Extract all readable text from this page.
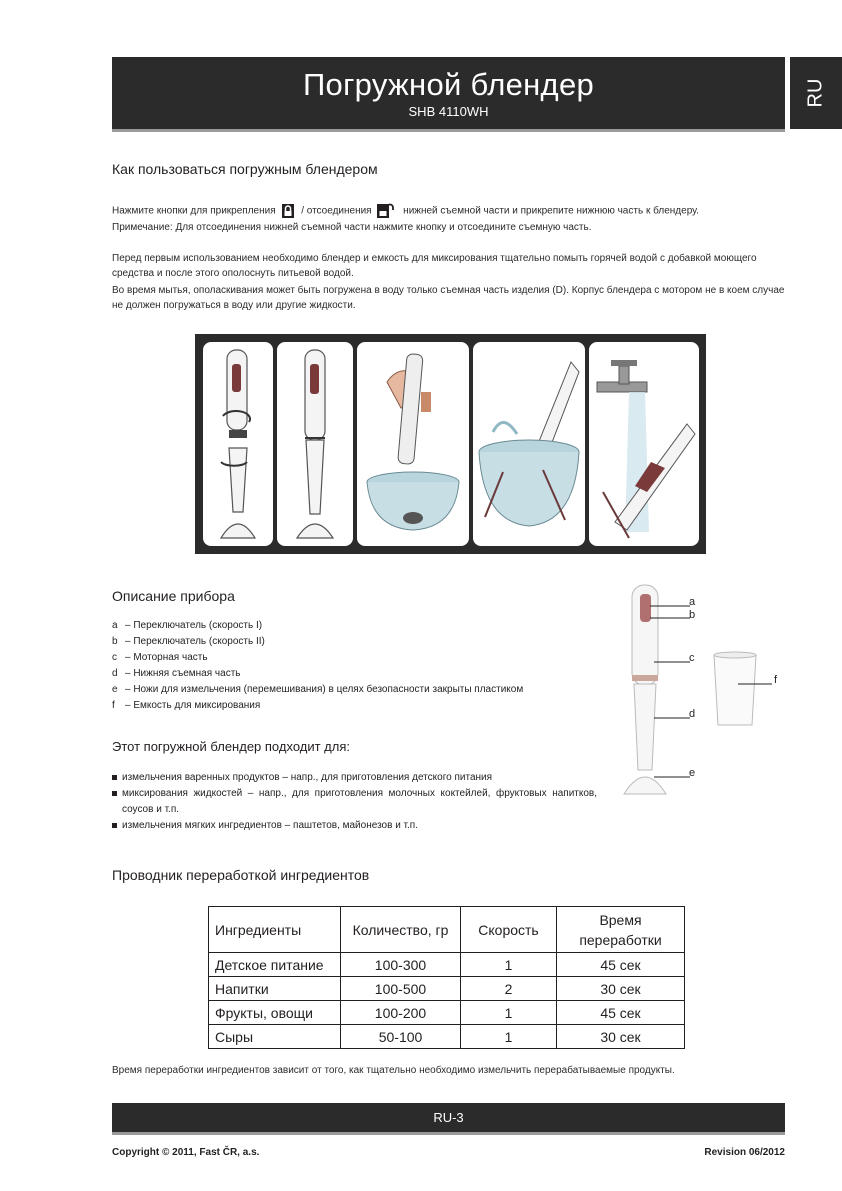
Погружной блендер
SHB 4110WH
RU
Как пользоваться погружным блендером
Нажмите кнопки для прикрепления	/ отсоединения	нижней съемной части и прикрепите нижнюю часть к блендеру.
Примечание: Для отсоединения нижней съемной части нажмите кнопку и отсоедините съемную часть.
Перед первым использованием необходимо блендер и емкость для миксирования тщательно помыть горячей водой с добавкой моющего средства и после этого ополоснуть питьевой водой.
Во время мытья, ополаскивания может быть погружена в воду только съемная часть изделия (D). Корпус блендера с мотором не в коем случае не должен погружаться в воду или другие жидкости.
Описание прибора
a – Переключатель (скорость I)
b – Переключатель (скорость II)
c – Моторная часть
d – Нижняя съемная часть
e – Ножи для измельчения (перемешивания) в целях безопасности закрыты пластиком
f – Емкость для миксирования
a
b
c
d
e
f
Этот погружной блендер подходит для:
измельчения варенных продуктов – напр., для приготовления детского питания
миксирования жидкостей – напр., для приготовления молочных коктейлей, фруктовых напитков, соусов и т.п.
измельчения мягких ингредиентов – паштетов, майонезов и т.п.
Проводник переработкой ингредиентов
Ингредиенты	Количество, гр	Скорость	Время переработки
Детское питание	100-300	1	45 сек
Напитки	100-500	2	30 сек
Фрукты, овощи	100-200	1	45 сек
Сыры	50-100	1	30 сек
Время переработки ингредиентов зависит от того, как тщательно необходимо измельчить перерабатываемые продукты.
RU-3
Copyright © 2011, Fast ČR, a.s.	Revision 06/2012
